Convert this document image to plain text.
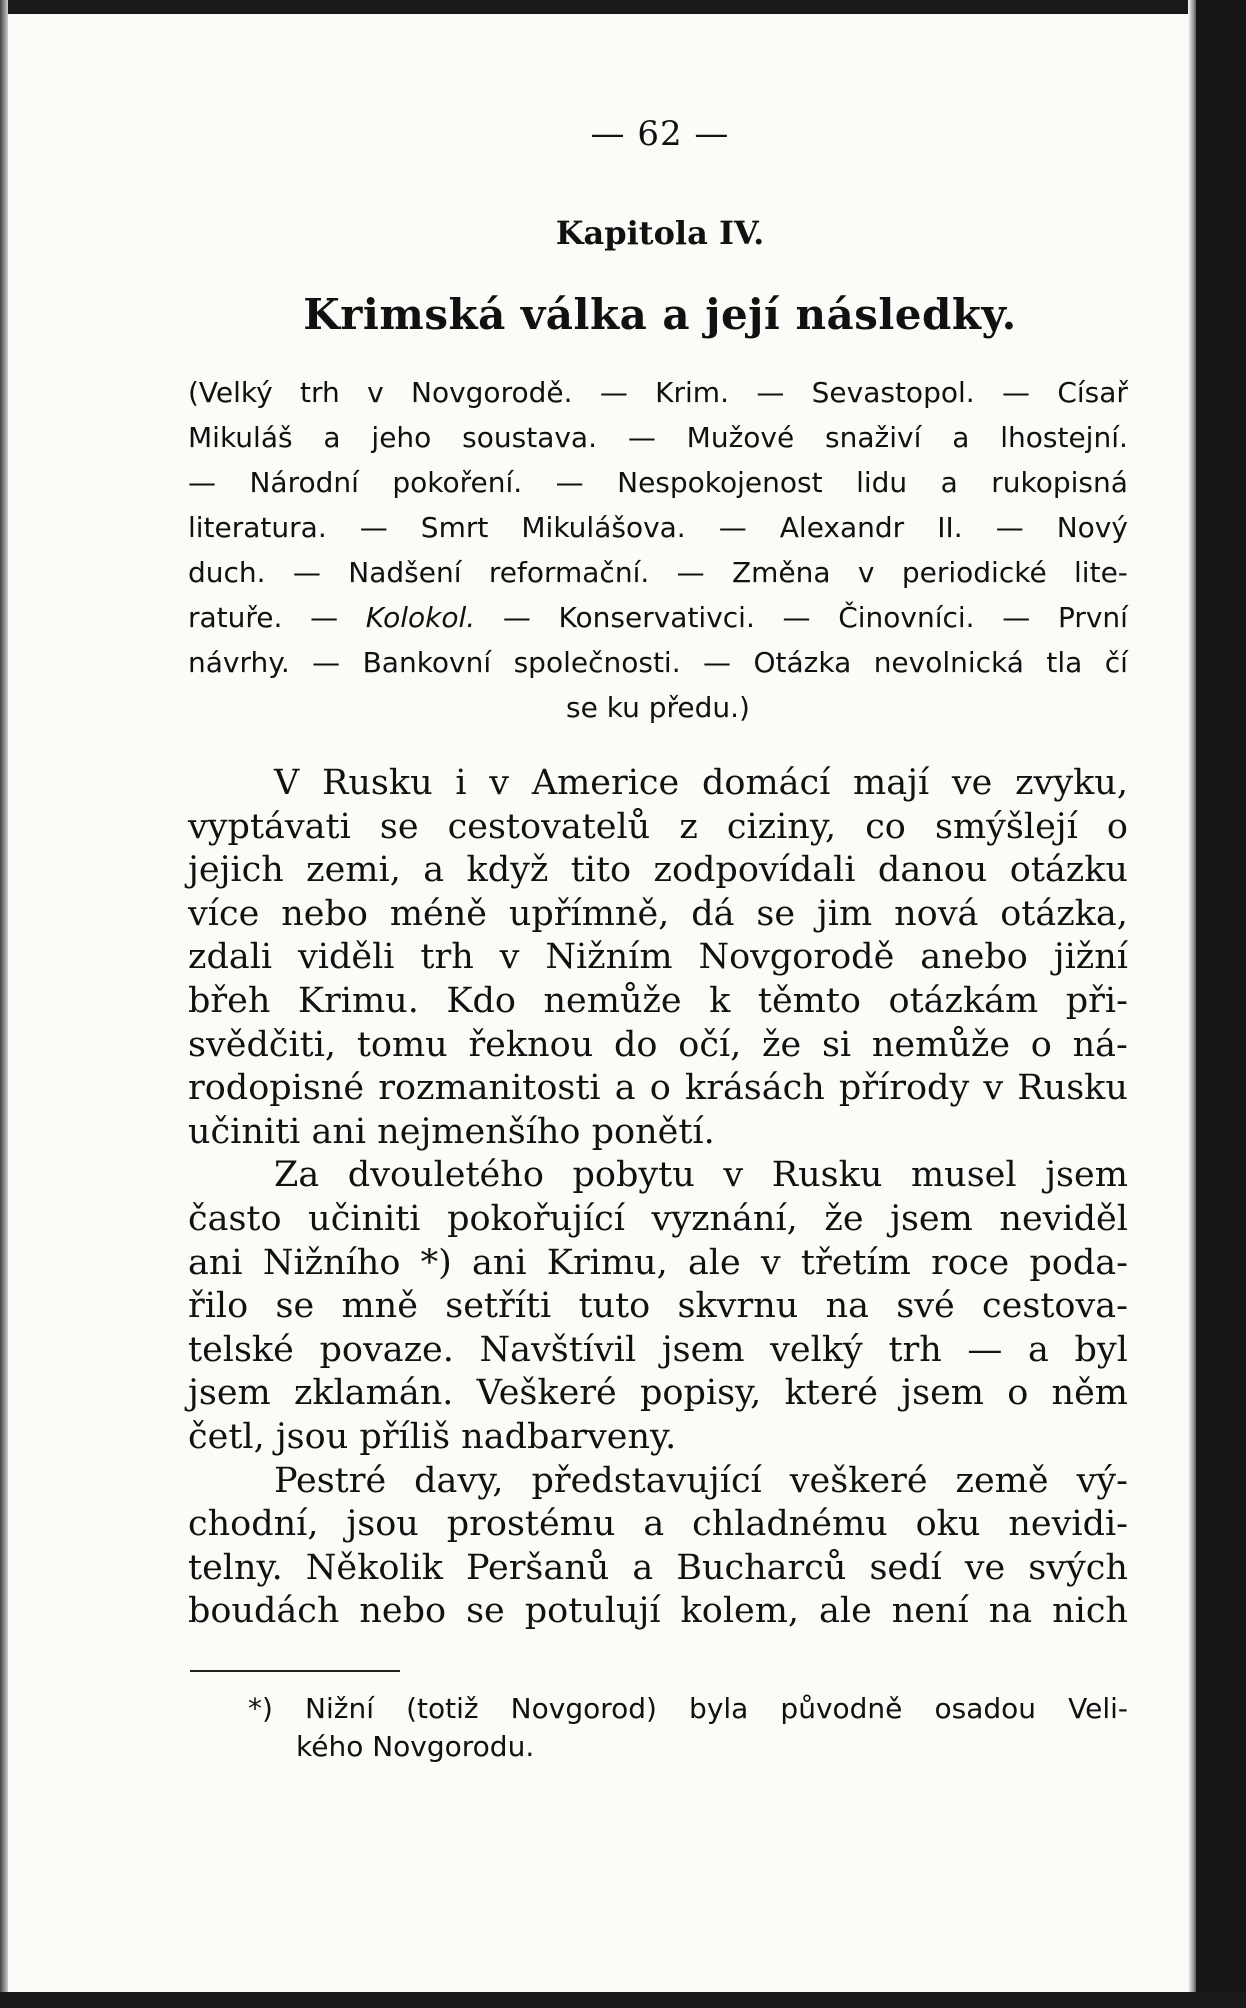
— 62 —
Kapitola IV.
Krimská válka a její následky.
(Velký trh v Novgorodě. — Krim. — Sevastopol. — Císař
Mikuláš a jeho soustava. — Mužové snaživí a lhostejní.
— Národní pokoření. — Nespokojenost lidu a rukopisná
literatura. — Smrt Mikulášova. — Alexandr II. — Nový
duch. — Nadšení reformační. — Změna v periodické lite-
ratuře. — Kolokol. — Konservativci. — Činovníci. — První
návrhy. — Bankovní společnosti. — Otázka nevolnická tla čí
se ku předu.)
V Rusku i v Americe domácí mají ve zvyku,
vyptávati se cestovatelů z ciziny, co smýšlejí o
jejich zemi, a když tito zodpovídali danou otázku
více nebo méně upřímně, dá se jim nová otázka,
zdali viděli trh v Nižním Novgorodě anebo jižní
břeh Krimu. Kdo nemůže k těmto otázkám při-
svědčiti, tomu řeknou do očí, že si nemůže o ná-
rodopisné rozmanitosti a o krásách přírody v Rusku
učiniti ani nejmenšího ponětí.
Za dvouletého pobytu v Rusku musel jsem
často učiniti pokořující vyznání, že jsem neviděl
ani Nižního *) ani Krimu, ale v třetím roce poda-
řilo se mně setříti tuto skvrnu na své cestova-
telské povaze. Navštívil jsem velký trh — a byl
jsem zklamán. Veškeré popisy, které jsem o něm
četl, jsou příliš nadbarveny.
Pestré davy, představující veškeré země vý-
chodní, jsou prostému a chladnému oku nevidi-
telny. Několik Peršanů a Bucharců sedí ve svých
boudách nebo se potulují kolem, ale není na nich
*) Nižní (totiž Novgorod) byla původně osadou Veli-
kého Novgorodu.
